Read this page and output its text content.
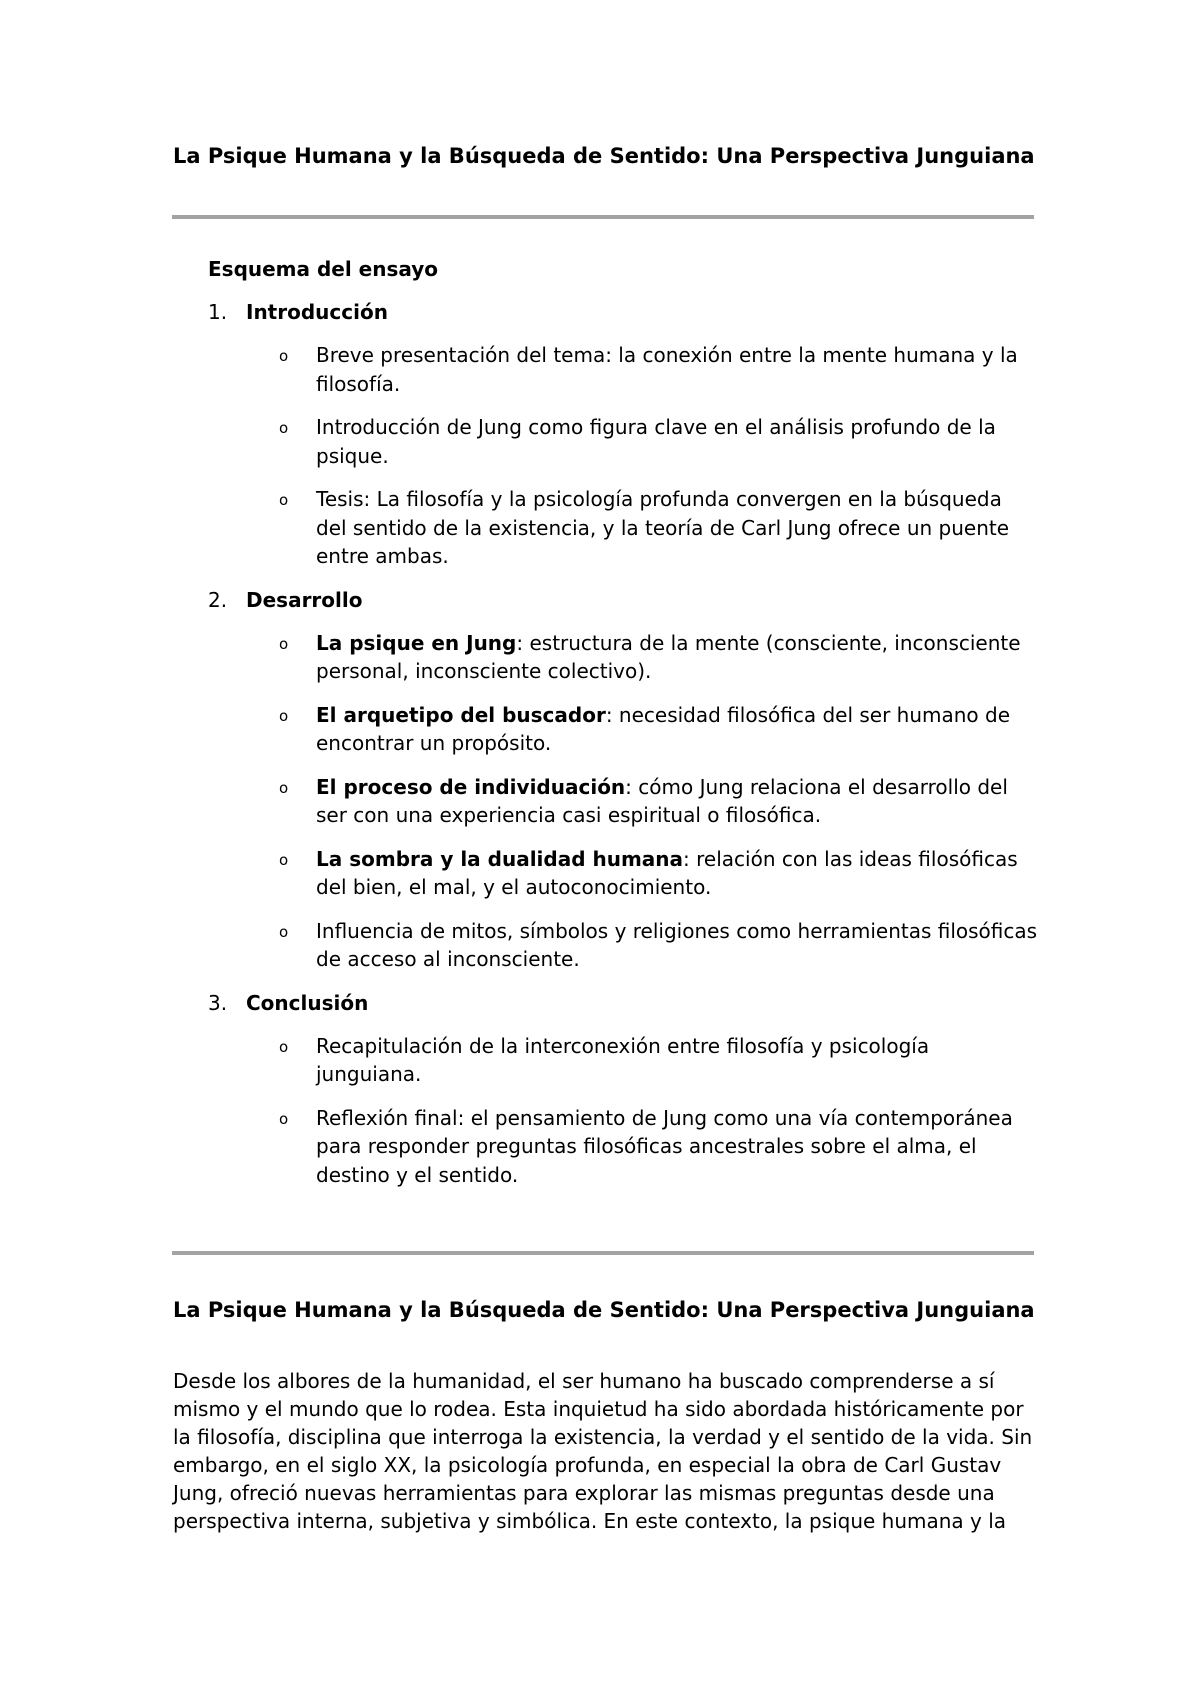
La Psique Humana y la Búsqueda de Sentido: Una Perspectiva Junguiana

Esquema del ensayo

1. Introducción
o	Breve presentación del tema: la conexión entre la mente humana y la filosofía.
o	Introducción de Jung como figura clave en el análisis profundo de la psique.
o	Tesis: La filosofía y la psicología profunda convergen en la búsqueda del sentido de la existencia, y la teoría de Carl Jung ofrece un puente entre ambas.
2. Desarrollo
o	La psique en Jung: estructura de la mente (consciente, inconsciente personal, inconsciente colectivo).
o	El arquetipo del buscador: necesidad filosófica del ser humano de encontrar un propósito.
o	El proceso de individuación: cómo Jung relaciona el desarrollo del ser con una experiencia casi espiritual o filosófica.
o	La sombra y la dualidad humana: relación con las ideas filosóficas del bien, el mal, y el autoconocimiento.
o	Influencia de mitos, símbolos y religiones como herramientas filosóficas de acceso al inconsciente.
3. Conclusión
o	Recapitulación de la interconexión entre filosofía y psicología junguiana.
o	Reflexión final: el pensamiento de Jung como una vía contemporánea para responder preguntas filosóficas ancestrales sobre el alma, el destino y el sentido.
La Psique Humana y la Búsqueda de Sentido: Una Perspectiva Junguiana

Desde los albores de la humanidad, el ser humano ha buscado comprenderse a sí mismo y el mundo que lo rodea. Esta inquietud ha sido abordada históricamente por la filosofía, disciplina que interroga la existencia, la verdad y el sentido de la vida. Sin embargo, en el siglo XX, la psicología profunda, en especial la obra de Carl Gustav Jung, ofreció nuevas herramientas para explorar las mismas preguntas desde una perspectiva interna, subjetiva y simbólica. En este contexto, la psique humana y la
